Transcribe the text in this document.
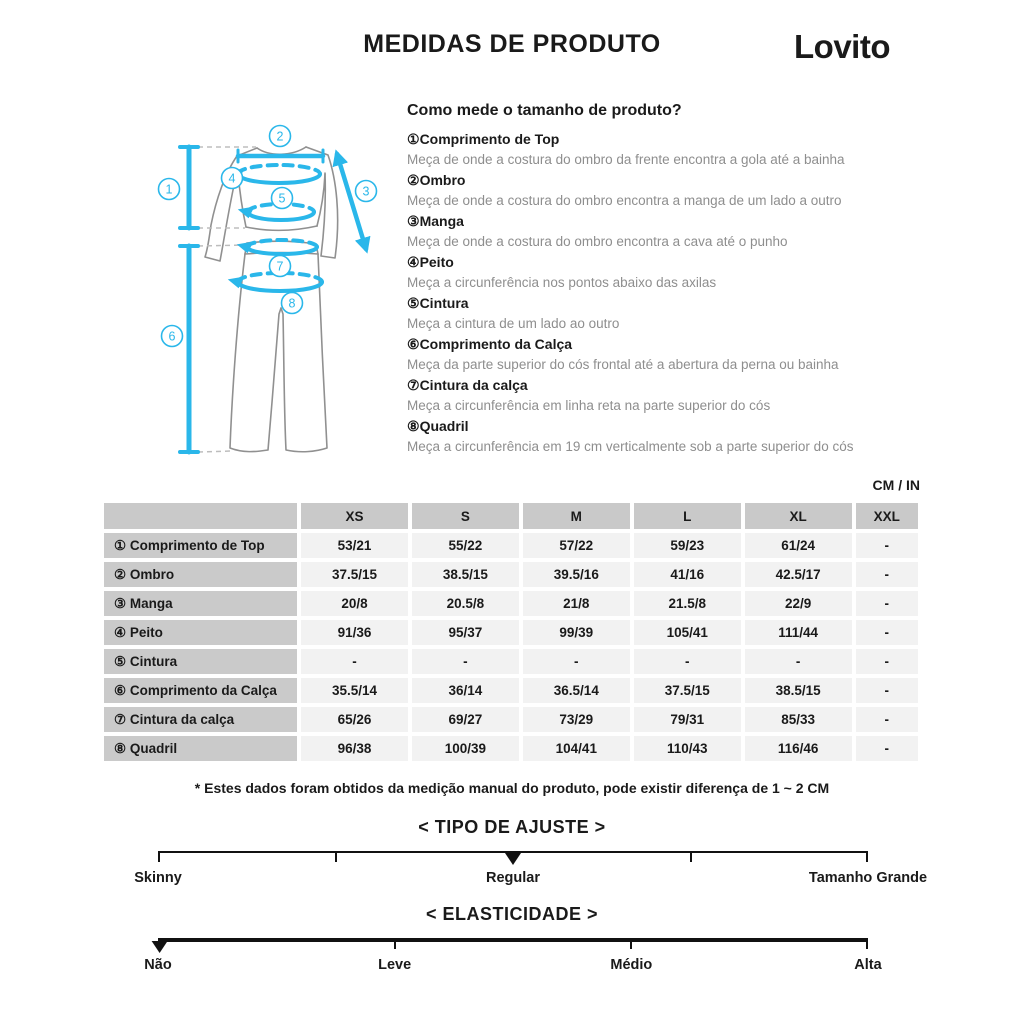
MEDIDAS DE PRODUTO	Lovito
1
2
3
4
5
6
7
8
Como mede o tamanho de produto?
①Comprimento de Top
Meça de onde a costura do ombro da frente encontra a gola até a bainha
②Ombro
Meça de onde a costura do ombro encontra a manga de um lado a outro
③Manga
Meça de onde a costura do ombro encontra a cava até o punho
④Peito
Meça a circunferência nos pontos abaixo das axilas
⑤Cintura
Meça a cintura de um lado ao outro
⑥Comprimento da Calça
Meça da parte superior do cós frontal até a abertura da perna ou bainha
⑦Cintura da calça
Meça a circunferência em linha reta na parte superior do cós
⑧Quadril
Meça a circunferência em 19 cm verticalmente sob a parte superior do cós
CM / IN
	XS	S	M	L	XL	XXL
① Comprimento de Top	53/21	55/22	57/22	59/23	61/24	-
② Ombro	37.5/15	38.5/15	39.5/16	41/16	42.5/17	-
③ Manga	20/8	20.5/8	21/8	21.5/8	22/9	-
④ Peito	91/36	95/37	99/39	105/41	111/44	-
⑤ Cintura	-	-	-	-	-	-
⑥ Comprimento da Calça	35.5/14	36/14	36.5/14	37.5/15	38.5/15	-
⑦ Cintura da calça	65/26	69/27	73/29	79/31	85/33	-
⑧ Quadril	96/38	100/39	104/41	110/43	116/46	-
* Estes dados foram obtidos da medição manual do produto, pode existir diferença de 1 ~ 2 CM
< TIPO DE AJUSTE >
Skinny	Regular	Tamanho Grande
< ELASTICIDADE >
Não	Leve	Médio	Alta
